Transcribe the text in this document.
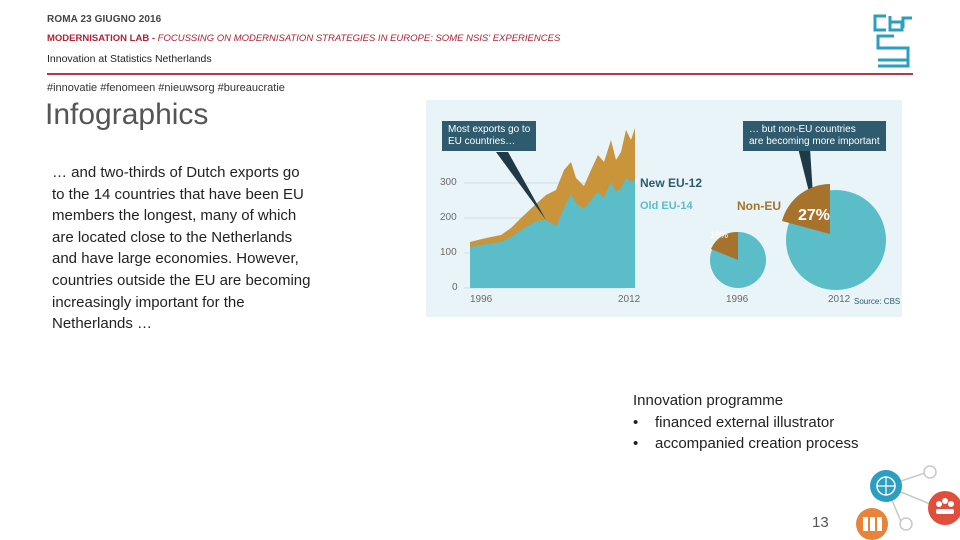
ROMA 23 GIUGNO 2016
MODERNISATION LAB - FOCUSSING ON MODERNISATION STRATEGIES IN EUROPE: SOME NSIS' EXPERIENCES
Innovation at Statistics Netherlands
#innovatie #fenomeen #nieuwsorg #bureaucratie
Infographics
… and two-thirds of Dutch exports go to the 14 countries that have been EU members the longest, many of which are located close to the Netherlands and have large economies. However, countries outside the EU are becoming increasingly important for the Netherlands …
Most exports go to
EU countries…
… but non-EU countries
are becoming more important
300
200
100
0
1996	2012
New EU-12
Old EU-14	Non-EU
19%
27%
1996	2012 Source: CBS
Innovation programme
• financed external illustrator
• accompanied creation process
13
